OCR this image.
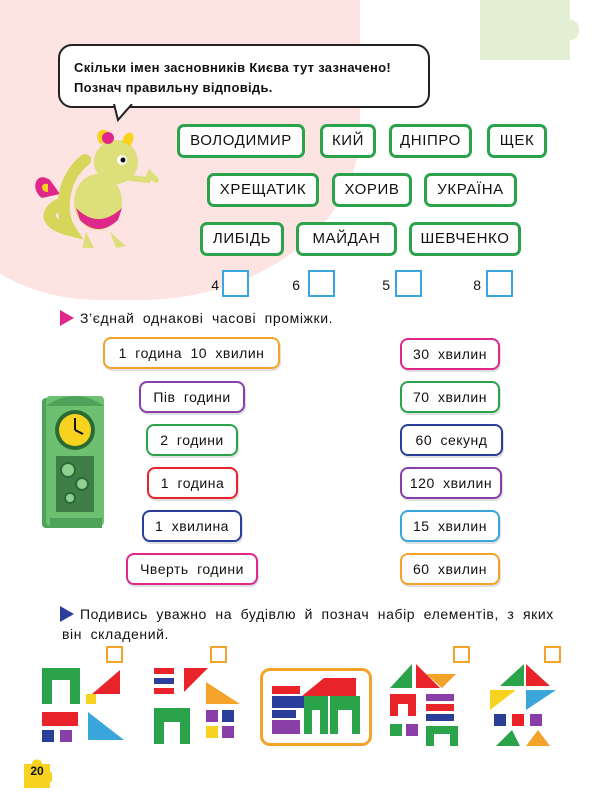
Скільки імен засновників Києва тут зазначено!
Познач правильну відповідь.
ВОЛОДИМИР	КИЙ	ДНІПРО	ЩЕК
ХРЕЩАТИК	ХОРИВ	УКРАЇНА
ЛИБІДЬ	МАЙДАН	ШЕВЧЕНКО
4	6	5	8
З’єднай однакові часові проміжки.
1 година 10 хвилин
Пів години
2 години
1 година
1 хвилина
Чверть години
30 хвилин
70 хвилин
60 секунд
120 хвилин
15 хвилин
60 хвилин
Подивись уважно на будівлю й познач набір елементів, з яких
він складений.
20
